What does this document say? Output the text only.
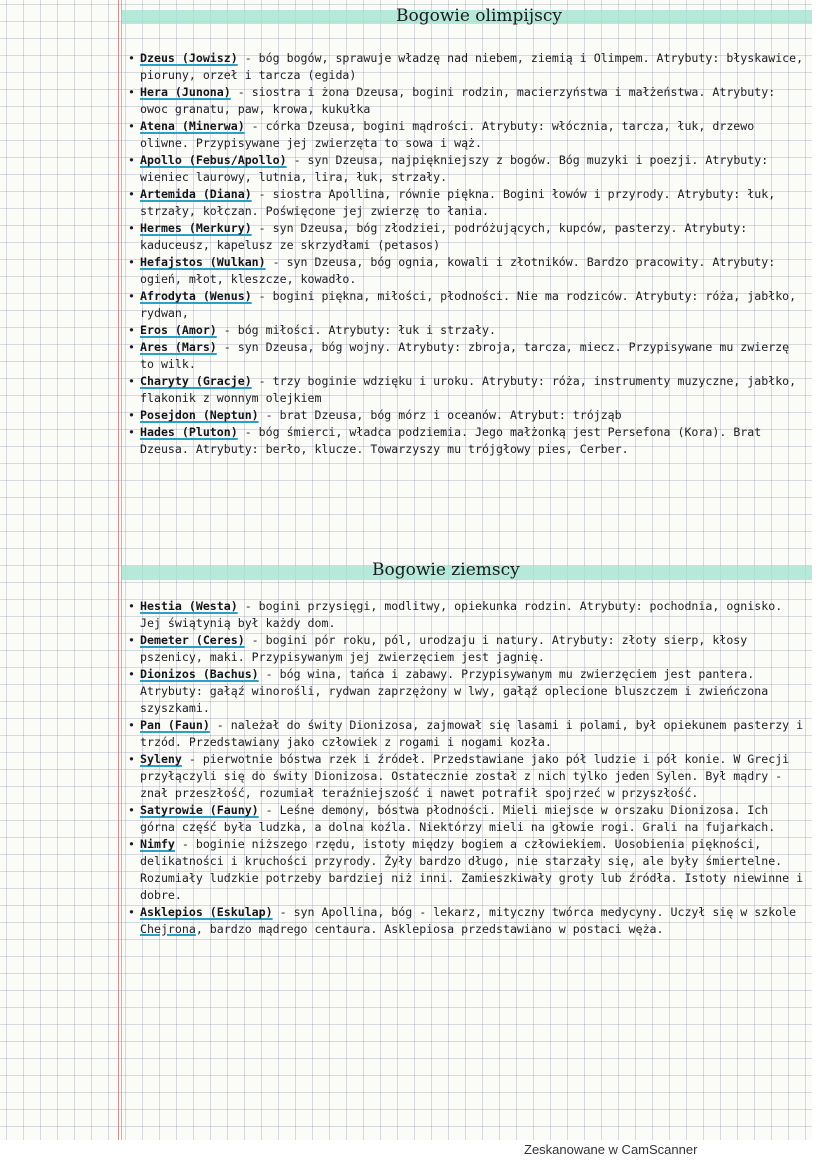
Bogowie olimpijscy

• Dzeus (Jowisz) - bóg bogów, sprawuje władzę nad niebem, ziemią i Olimpem. Atrybuty: błyskawice, pioruny, orzeł i tarcza (egida)

• Hera (Junona) - siostra i żona Dzeusa, bogini rodzin, macierzyństwa i małżeństwa. Atrybuty: owoc granatu, paw, krowa, kukułka

• Atena (Minerwa) - córka Dzeusa, bogini mądrości. Atrybuty: włócznia, tarcza, łuk, drzewo oliwne. Przypisywane jej zwierzęta to sowa i wąż.

• Apollo (Febus/Apollo) - syn Dzeusa, najpiękniejszy z bogów. Bóg muzyki i poezji. Atrybuty: wieniec laurowy, lutnia, lira, łuk, strzały.

• Artemida (Diana) - siostra Apollina, równie piękna. Bogini łowów i przyrody. Atrybuty: łuk, strzały, kołczan. Poświęcone jej zwierzę to łania.

• Hermes (Merkury) - syn Dzeusa, bóg złodziei, podróżujących, kupców, pasterzy. Atrybuty: kaduceusz, kapelusz ze skrzydłami (petasos)

• Hefajstos (Wulkan) - syn Dzeusa, bóg ognia, kowali i złotników. Bardzo pracowity. Atrybuty: ogień, młot, kleszcze, kowadło.

• Afrodyta (Wenus) - bogini piękna, miłości, płodności. Nie ma rodziców. Atrybuty: róża, jabłko, rydwan,

• Eros (Amor) - bóg miłości. Atrybuty: łuk i strzały.

• Ares (Mars) - syn Dzeusa, bóg wojny. Atrybuty: zbroja, tarcza, miecz. Przypisywane mu zwierzę to wilk.

• Charyty (Gracje) - trzy boginie wdzięku i uroku. Atrybuty: róża, instrumenty muzyczne, jabłko, flakonik z wonnym olejkiem

• Posejdon (Neptun) - brat Dzeusa, bóg mórz i oceanów. Atrybut: trójząb

• Hades (Pluton) - bóg śmierci, władca podziemia. Jego małżonką jest Persefona (Kora). Brat Dzeusa. Atrybuty: berło, klucze. Towarzyszy mu trójgłowy pies, Cerber.

Bogowie ziemscy

• Hestia (Westa) - bogini przysięgi, modlitwy, opiekunka rodzin. Atrybuty: pochodnia, ognisko. Jej świątynią był każdy dom.

• Demeter (Ceres) - bogini pór roku, pól, urodzaju i natury. Atrybuty: złoty sierp, kłosy pszenicy, maki. Przypisywanym jej zwierzęciem jest jagnię.

• Dionizos (Bachus) - bóg wina, tańca i zabawy. Przypisywanym mu zwierzęciem jest pantera. Atrybuty: gałąź winorośli, rydwan zaprzężony w lwy, gałąź oplecione bluszczem i zwieńczona szyszkami.

• Pan (Faun) - należał do świty Dionizosa, zajmował się lasami i polami, był opiekunem pasterzy i trzód. Przedstawiany jako człowiek z rogami i nogami kozła.

• Syleny - pierwotnie bóstwa rzek i źródeł. Przedstawiane jako pół ludzie i pół konie. W Grecji przyłączyli się do świty Dionizosa. Ostatecznie został z nich tylko jeden Sylen. Był mądry - znał przeszłość, rozumiał teraźniejszość i nawet potrafił spojrzeć w przyszłość.

• Satyrowie (Fauny) - Leśne demony, bóstwa płodności. Mieli miejsce w orszaku Dionizosa. Ich górna część była ludzka, a dolna koźla. Niektórzy mieli na głowie rogi. Grali na fujarkach.

• Nimfy - boginie niższego rzędu, istoty między bogiem a człowiekiem. Uosobienia piękności, delikatności i kruchości przyrody. Żyły bardzo długo, nie starzały się, ale były śmiertelne. Rozumiały ludzkie potrzeby bardziej niż inni. Zamieszkiwały groty lub źródła. Istoty niewinne i dobre.

• Asklepios (Eskulap) - syn Apollina, bóg - lekarz, mityczny twórca medycyny. Uczył się w szkole Chejrona, bardzo mądrego centaura. Asklepiosa przedstawiano w postaci węża.

Zeskanowane w CamScanner
